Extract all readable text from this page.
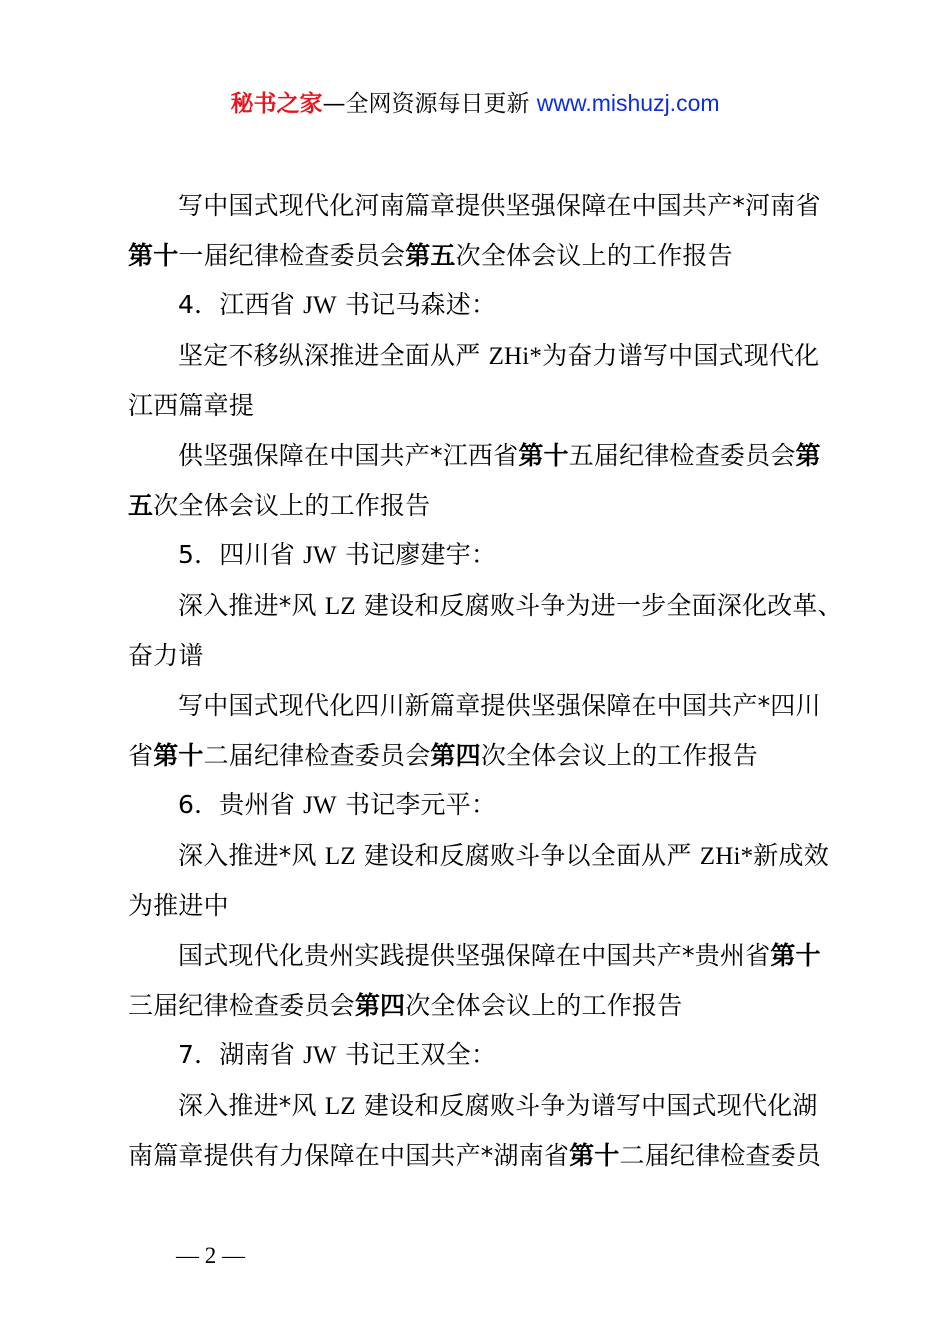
秘书之家—全网资源每日更新 www.mishuzj.com

写中国式现代化河南篇章提供坚强保障在中国共产*河南省

第十一届纪律检查委员会第五次全体会议上的工作报告

4．江西省 JW 书记马森述：

坚定不移纵深推进全面从严 ZHi*为奋力谱写中国式现代化

江西篇章提

供坚强保障在中国共产*江西省第十五届纪律检查委员会第

五次全体会议上的工作报告

5．四川省 JW 书记廖建宇：

深入推进*风 LZ 建设和反腐败斗争为进一步全面深化改革、

奋力谱

写中国式现代化四川新篇章提供坚强保障在中国共产*四川

省第十二届纪律检查委员会第四次全体会议上的工作报告

6．贵州省 JW 书记李元平：

深入推进*风 LZ 建设和反腐败斗争以全面从严 ZHi*新成效

为推进中

国式现代化贵州实践提供坚强保障在中国共产*贵州省第十

三届纪律检查委员会第四次全体会议上的工作报告

7．湖南省 JW 书记王双全：

深入推进*风 LZ 建设和反腐败斗争为谱写中国式现代化湖

南篇章提供有力保障在中国共产*湖南省第十二届纪律检查委员

— 2 —
